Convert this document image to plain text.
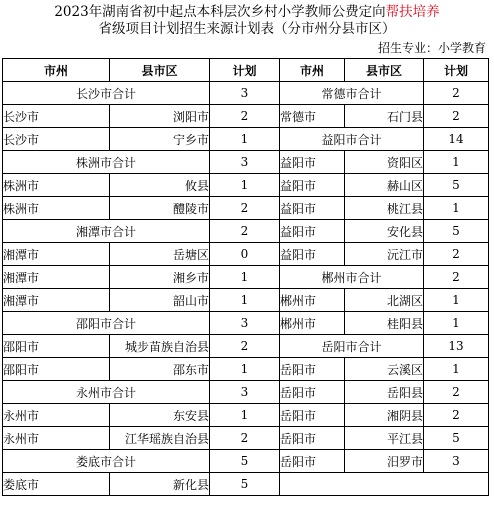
2023年湖南省初中起点本科层次乡村小学教师公费定向帮扶培养
省级项目计划招生来源计划表（分市州分县市区）
招生专业：小学教育
市州	县市区	计划	市州	县市区	计划
长沙市合计		3	常德市合计		2
长沙市	浏阳市	2	常德市	石门县	2
长沙市	宁乡市	1	益阳市合计		14
株洲市合计		3	益阳市	资阳区	1
株洲市	攸县	1	益阳市	赫山区	5
株洲市	醴陵市	2	益阳市	桃江县	1
湘潭市合计		2	益阳市	安化县	5
湘潭市	岳塘区	0	益阳市	沅江市	2
湘潭市	湘乡市	1	郴州市合计		2
湘潭市	韶山市	1	郴州市	北湖区	1
邵阳市合计		3	郴州市	桂阳县	1
邵阳市	城步苗族自治县	2	岳阳市合计		13
邵阳市	邵东市	1	岳阳市	云溪区	1
永州市合计		3	岳阳市	岳阳县	2
永州市	东安县	1	岳阳市	湘阴县	2
永州市	江华瑶族自治县	2	岳阳市	平江县	5
娄底市合计		5	岳阳市	汨罗市	3
娄底市	新化县	5			
